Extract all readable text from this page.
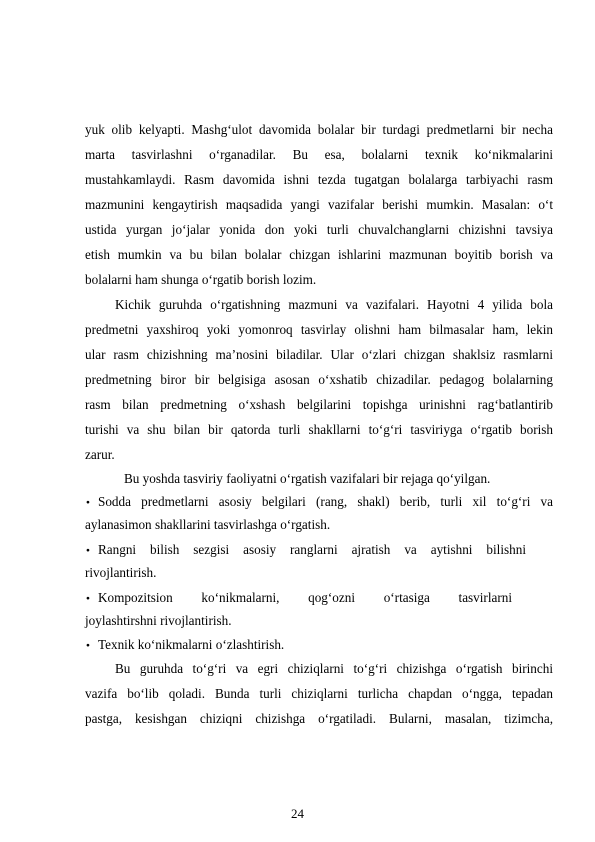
yuk olib kelyapti. Mashg‘ulot davomida bolalar bir turdagi predmetlarni bir necha
marta tasvirlashni o‘rganadilar. Bu esa, bolalarni texnik ko‘nikmalarini
mustahkamlaydi. Rasm davomida ishni tezda tugatgan bolalarga tarbiyachi rasm
mazmunini kengaytirish maqsadida yangi vazifalar berishi mumkin. Masalan: o‘t
ustida yurgan jo‘jalar yonida don yoki turli chuvalchanglarni chizishni tavsiya
etish mumkin va bu bilan bolalar chizgan ishlarini mazmunan boyitib borish va
bolalarni ham shunga o‘rgatib borish lozim.
Kichik guruhda o‘rgatishning mazmuni va vazifalari. Hayotni 4 yilida bola
predmetni yaxshiroq yoki yomonroq tasvirlay olishni ham bilmasalar ham, lekin
ular rasm chizishning ma’nosini biladilar. Ular o‘zlari chizgan shaklsiz rasmlarni
predmetning biror bir belgisiga asosan o‘xshatib chizadilar. pedagog bolalarning
rasm bilan predmetning o‘xshash belgilarini topishga urinishni rag‘batlantirib
turishi va shu bilan bir qatorda turli shakllarni to‘g‘ri tasviriyga o‘rgatib borish
zarur.
Bu yoshda tasviriy faoliyatni o‘rgatish vazifalari bir rejaga qo‘yilgan.
● Sodda predmetlarni asosiy belgilari (rang, shakl) berib, turli xil to‘g‘ri va
aylanasimon shakllarini tasvirlashga o‘rgatish.
● Rangni bilish sezgisi asosiy ranglarni ajratish va aytishni bilishni
rivojlantirish.
● Kompozitsion ko‘nikmalarni, qog‘ozni o‘rtasiga tasvirlarni
joylashtirshni rivojlantirish.
● Texnik ko‘nikmalarni o‘zlashtirish.
Bu guruhda to‘g‘ri va egri chiziqlarni to‘g‘ri chizishga o‘rgatish birinchi
vazifa bo‘lib qoladi. Bunda turli chiziqlarni turlicha chapdan o‘ngga, tepadan
pastga, kesishgan chiziqni chizishga o‘rgatiladi. Bularni, masalan, tizimcha,
24
